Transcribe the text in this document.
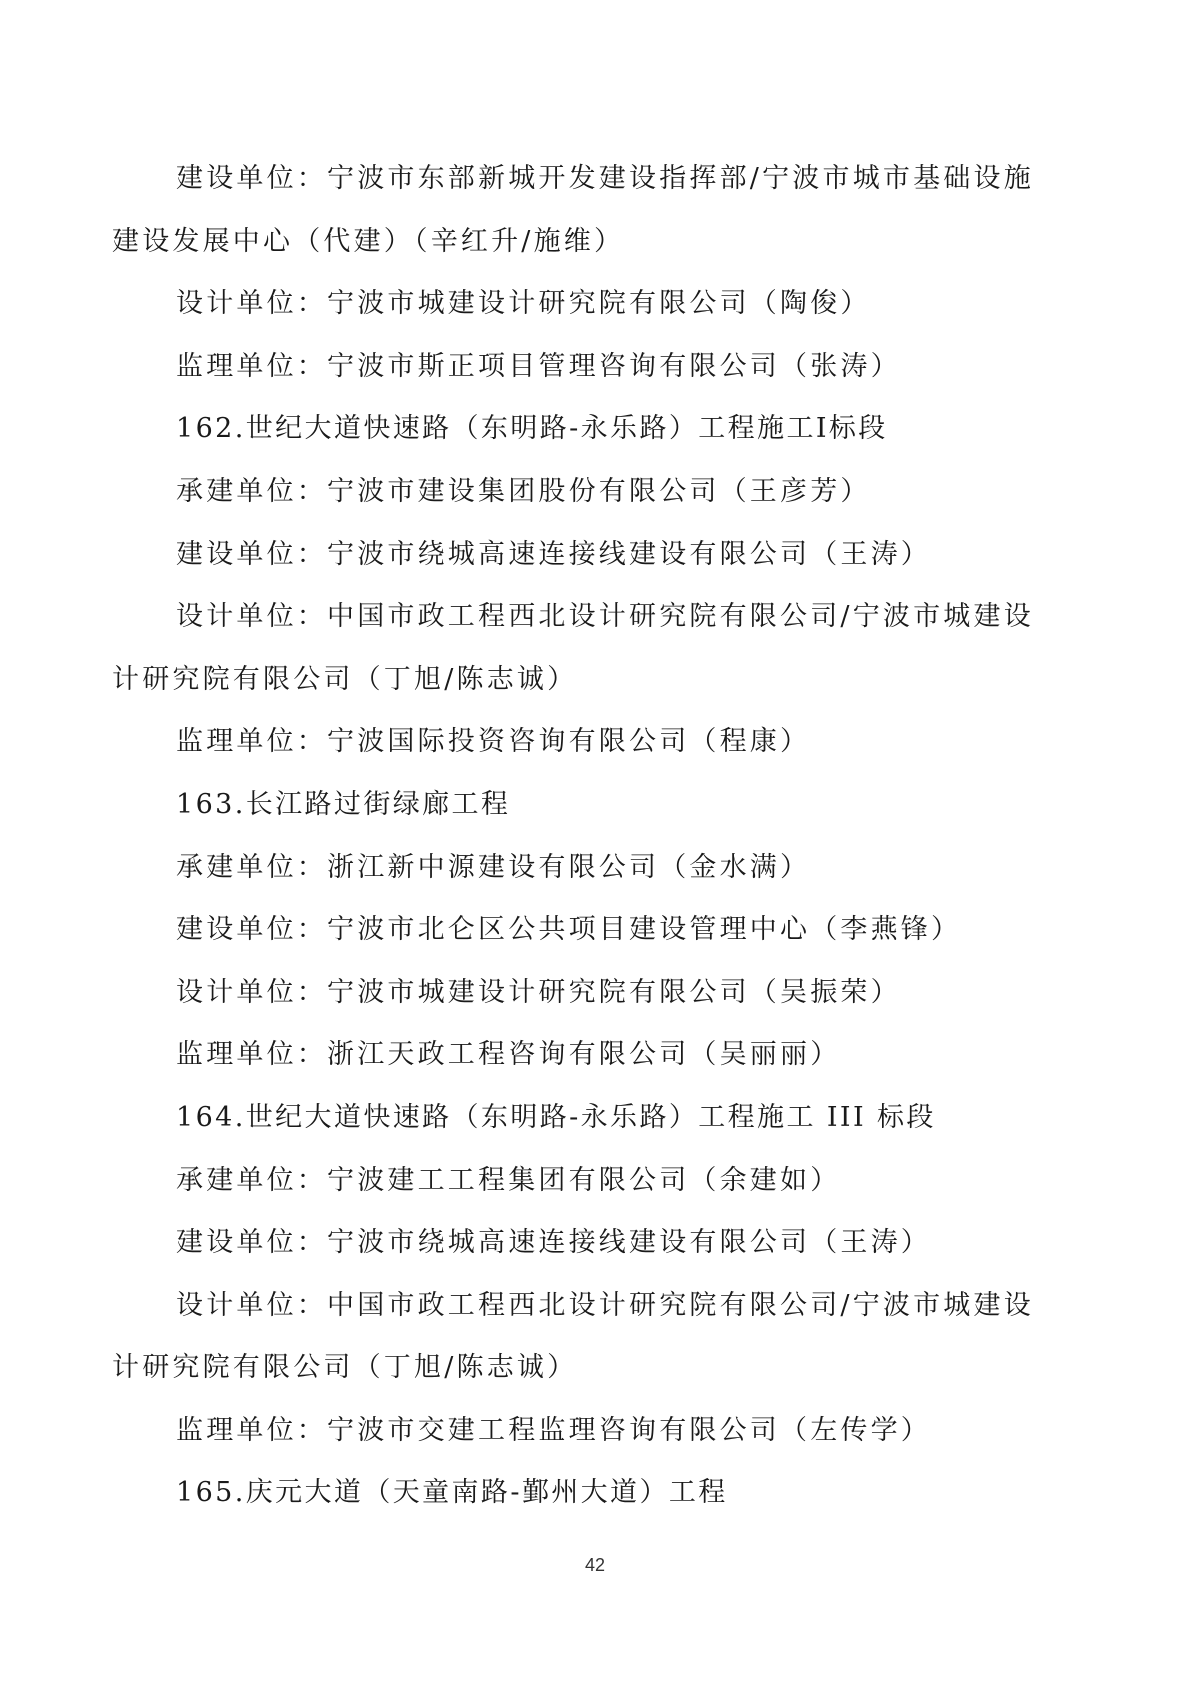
建设单位：宁波市东部新城开发建设指挥部/宁波市城市基础设施
建设发展中心（代建）（辛红升/施维）
设计单位：宁波市城建设计研究院有限公司（陶俊）
监理单位：宁波市斯正项目管理咨询有限公司（张涛）
162.世纪大道快速路（东明路-永乐路）工程施工Ⅰ标段
承建单位：宁波市建设集团股份有限公司（王彦芳）
建设单位：宁波市绕城高速连接线建设有限公司（王涛）
设计单位：中国市政工程西北设计研究院有限公司/宁波市城建设
计研究院有限公司（丁旭/陈志诚）
监理单位：宁波国际投资咨询有限公司（程康）
163.长江路过街绿廊工程
承建单位：浙江新中源建设有限公司（金水满）
建设单位：宁波市北仑区公共项目建设管理中心（李燕锋）
设计单位：宁波市城建设计研究院有限公司（吴振荣）
监理单位：浙江天政工程咨询有限公司（吴丽丽）
164.世纪大道快速路（东明路-永乐路）工程施工 III 标段
承建单位：宁波建工工程集团有限公司（余建如）
建设单位：宁波市绕城高速连接线建设有限公司（王涛）
设计单位：中国市政工程西北设计研究院有限公司/宁波市城建设
计研究院有限公司（丁旭/陈志诚）
监理单位：宁波市交建工程监理咨询有限公司（左传学）
165.庆元大道（天童南路-鄞州大道）工程
42
